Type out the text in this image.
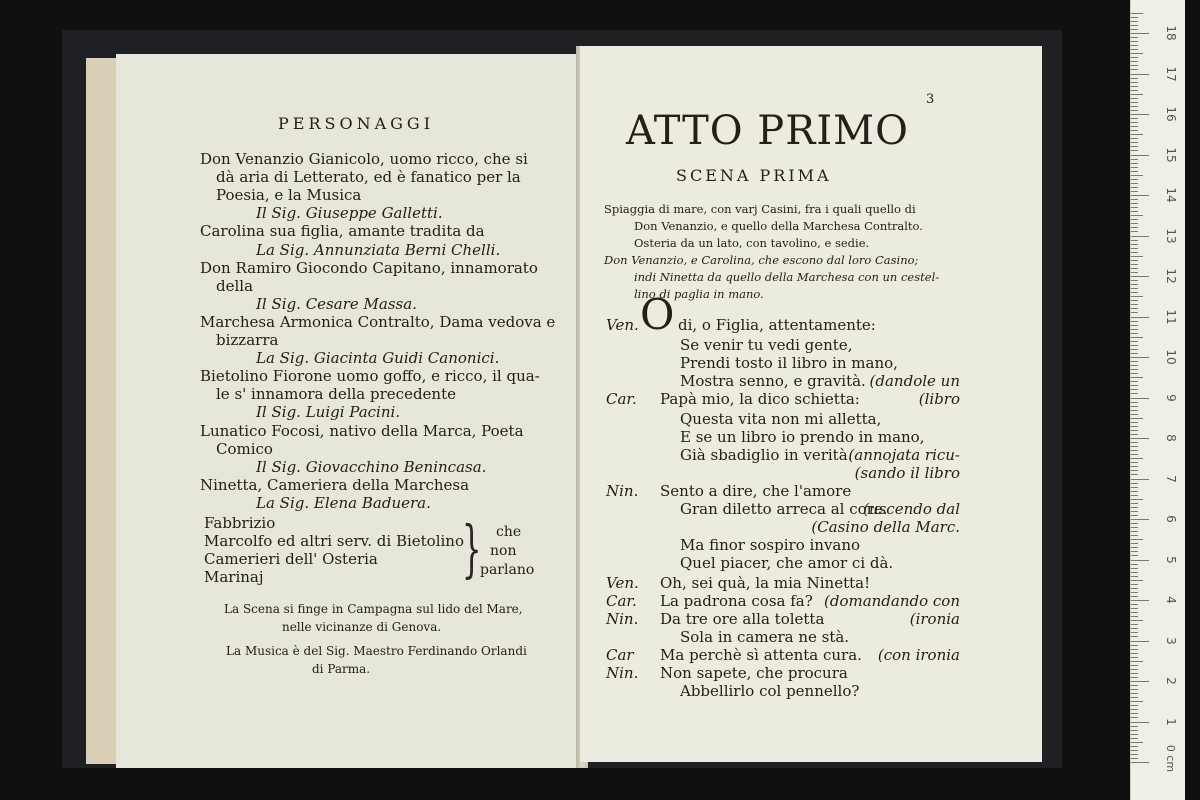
PERSONAGGI
Don Venanzio Gianicolo, uomo ricco, che si
dà aria di Letterato, ed è fanatico per la
Poesia, e la Musica
Il Sig. Giuseppe Galletti.
Carolina sua figlia, amante tradita da
La Sig. Annunziata Berni Chelli.
Don Ramiro Giocondo Capitano, innamorato
della
Il Sig. Cesare Massa.
Marchesa Armonica Contralto, Dama vedova e
bizzarra
La Sig. Giacinta Guidi Canonici.
Bietolino Fiorone uomo goffo, e ricco, il qua-
le s' innamora della precedente
Il Sig. Luigi Pacini.
Lunatico Focosi, nativo della Marca, Poeta
Comico
Il Sig. Giovacchino Benincasa.
Ninetta, Cameriera della Marchesa
La Sig. Elena Baduera.
Fabbrizio
Marcolfo ed altri serv. di Bietolino
Camerieri dell' Osteria
Marinaj	} che
non
parlano
La Scena si finge in Campagna sul lido del Mare,
nelle vicinanze di Genova.
La Musica è del Sig. Maestro Ferdinando Orlandi
di Parma.
3
ATTO PRIMO
SCENA PRIMA
Spiaggia di mare, con varj Casini, fra i quali quello di
Don Venanzio, e quello della Marchesa Contralto.
Osteria da un lato, con tavolino, e sedie.
Don Venanzio, e Carolina, che escono dal loro Casino;
indi Ninetta da quello della Marchesa con un cestel-
lino di paglia in mano.
O
Ven.	di, o Figlia, attentamente:
Se venir tu vedi gente,
Prendi tosto il libro in mano,
Mostra senno, e gravità. (dandole un
Car. Papà mio, la dico schietta:	(libro
Questa vita non mi alletta,
E se un libro io prendo in mano,
Già sbadiglio in verità.
(annojata ricu-
(sando il libro
Nin. Sento a dire, che l'amore
Gran diletto arreca al core.
(uscendo dal
(Casino della Marc.
Ma finor sospiro invano
Quel piacer, che amor ci dà.
Ven. Oh, sei quà, la mia Ninetta!
Car. La padrona cosa fa? (domandando con
Nin. Da tre ore alla toletta	(ironia
Sola in camera ne stà.
Car Ma perchè sì attenta cura. (con ironia
Nin. Non sapete, che procura
Abbellirlo col pennello?
1
2
3
4
5
6
7
8
9
10
11
12
13
14
15
16
17
18
0 cm
